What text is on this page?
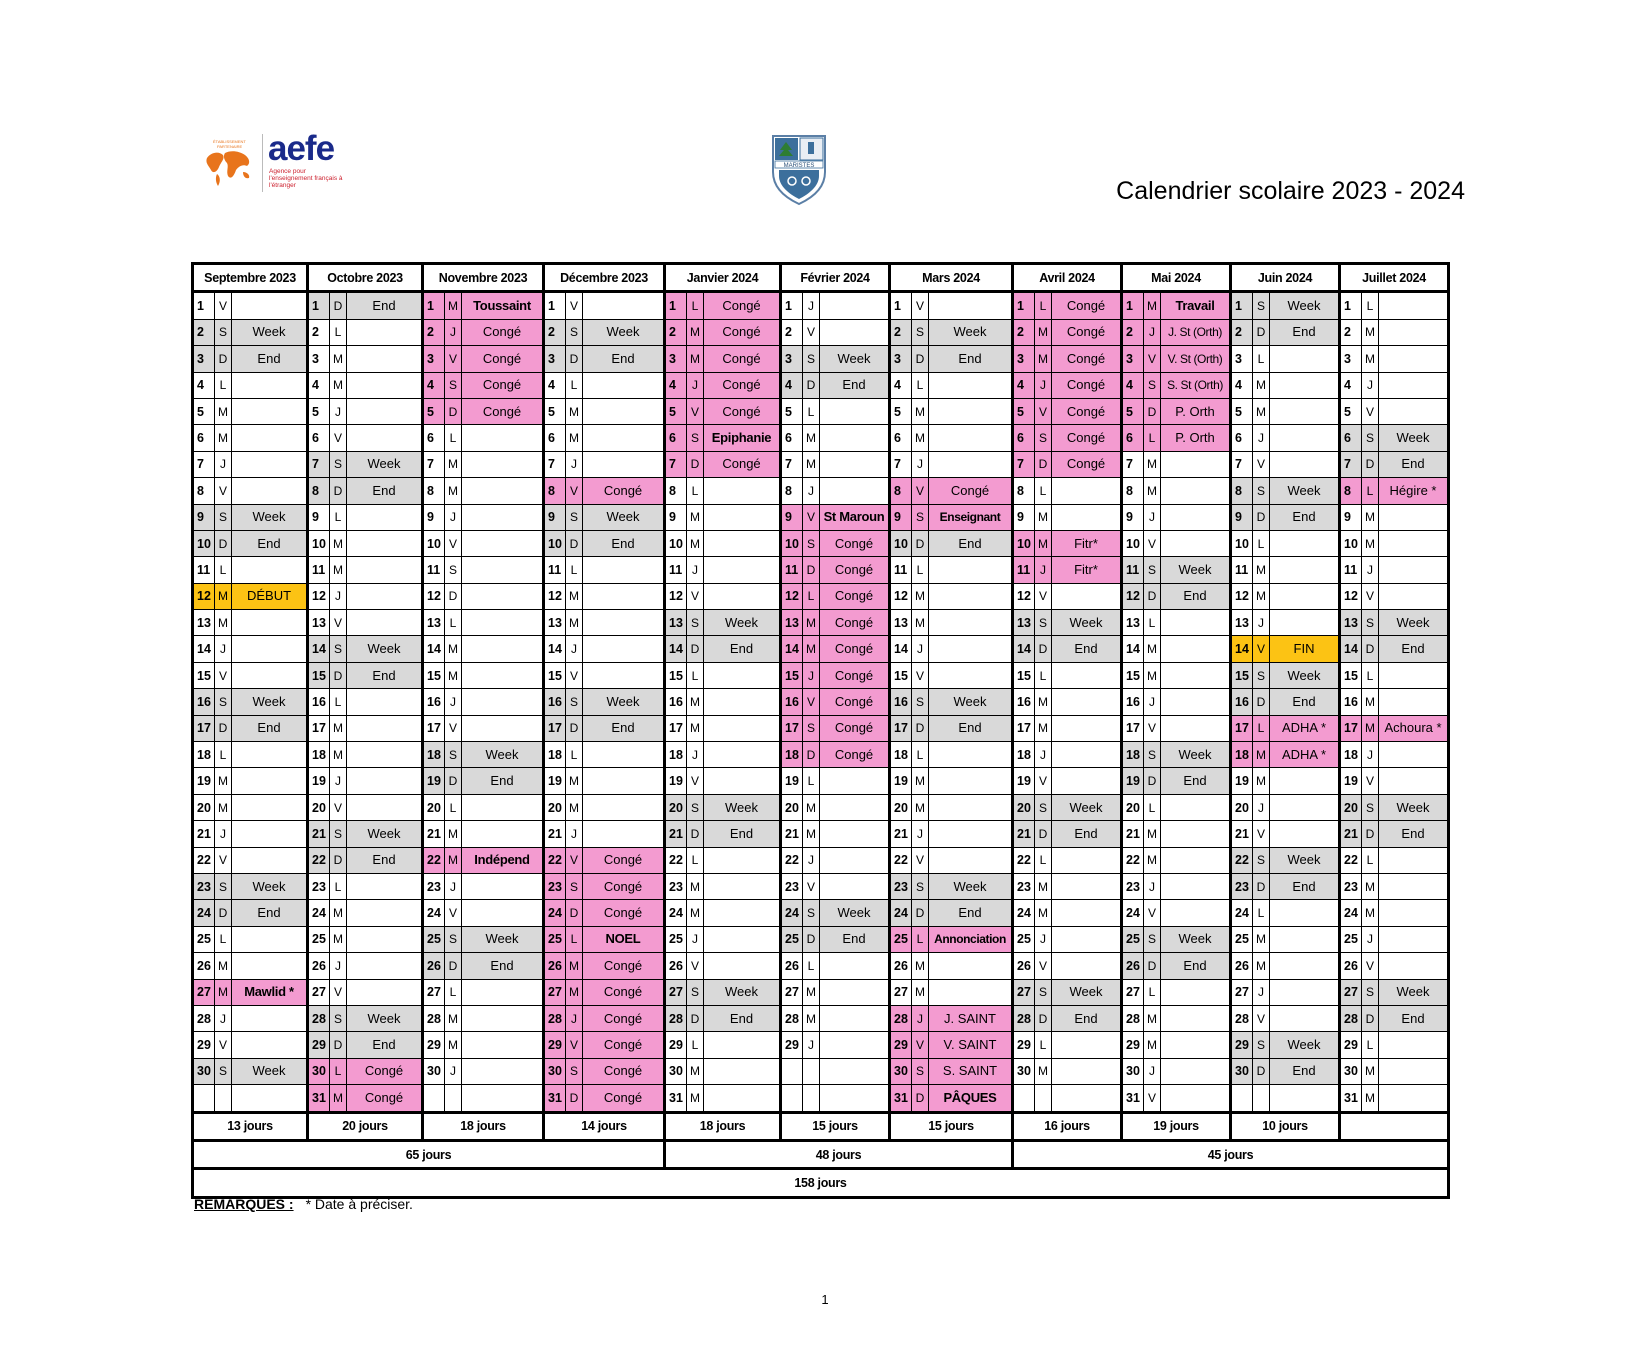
ÉTABLISSEMENT
PARTENAIRE aefe
Agence pour l'enseignement français à l'étranger
MARISTES
Calendrier scolaire 2023 - 2024
Septembre 2023			Octobre 2023			Novembre 2023			Décembre 2023			Janvier 2024			Février 2024			Mars 2024			Avril 2024			Mai 2024			Juin 2024			Juillet 2024		
1	V		1	D	End	1	M	Toussaint	1	V		1	L	Congé	1	J		1	V		1	L	Congé	1	M	Travail	1	S	Week	1	L	
2	S	Week	2	L		2	J	Congé	2	S	Week	2	M	Congé	2	V		2	S	Week	2	M	Congé	2	J	J. St (Orth)	2	D	End	2	M	
3	D	End	3	M		3	V	Congé	3	D	End	3	M	Congé	3	S	Week	3	D	End	3	M	Congé	3	V	V. St (Orth)	3	L		3	M	
4	L		4	M		4	S	Congé	4	L		4	J	Congé	4	D	End	4	L		4	J	Congé	4	S	S. St (Orth)	4	M		4	J	
5	M		5	J		5	D	Congé	5	M		5	V	Congé	5	L		5	M		5	V	Congé	5	D	P. Orth	5	M		5	V	
6	M		6	V		6	L		6	M		6	S	Epiphanie	6	M		6	M		6	S	Congé	6	L	P. Orth	6	J		6	S	Week
7	J		7	S	Week	7	M		7	J		7	D	Congé	7	M		7	J		7	D	Congé	7	M		7	V		7	D	End
8	V		8	D	End	8	M		8	V	Congé	8	L		8	J		8	V	Congé	8	L		8	M		8	S	Week	8	L	Hégire *
9	S	Week	9	L		9	J		9	S	Week	9	M		9	V	St Maroun	9	S	Enseignant	9	M		9	J		9	D	End	9	M	
10	D	End	10	M		10	V		10	D	End	10	M		10	S	Congé	10	D	End	10	M	Fitr*	10	V		10	L		10	M	
11	L		11	M		11	S		11	L		11	J		11	D	Congé	11	L		11	J	Fitr*	11	S	Week	11	M		11	J	
12	M	DÉBUT	12	J		12	D		12	M		12	V		12	L	Congé	12	M		12	V		12	D	End	12	M		12	V	
13	M		13	V		13	L		13	M		13	S	Week	13	M	Congé	13	M		13	S	Week	13	L		13	J		13	S	Week
14	J		14	S	Week	14	M		14	J		14	D	End	14	M	Congé	14	J		14	D	End	14	M		14	V	FIN	14	D	End
15	V		15	D	End	15	M		15	V		15	L		15	J	Congé	15	V		15	L		15	M		15	S	Week	15	L	
16	S	Week	16	L		16	J		16	S	Week	16	M		16	V	Congé	16	S	Week	16	M		16	J		16	D	End	16	M	
17	D	End	17	M		17	V		17	D	End	17	M		17	S	Congé	17	D	End	17	M		17	V		17	L	ADHA *	17	M	Achoura *
18	L		18	M		18	S	Week	18	L		18	J		18	D	Congé	18	L		18	J		18	S	Week	18	M	ADHA *	18	J	
19	M		19	J		19	D	End	19	M		19	V		19	L		19	M		19	V		19	D	End	19	M		19	V	
20	M		20	V		20	L		20	M		20	S	Week	20	M		20	M		20	S	Week	20	L		20	J		20	S	Week
21	J		21	S	Week	21	M		21	J		21	D	End	21	M		21	J		21	D	End	21	M		21	V		21	D	End
22	V		22	D	End	22	M	Indépend	22	V	Congé	22	L		22	J		22	V		22	L		22	M		22	S	Week	22	L	
23	S	Week	23	L		23	J		23	S	Congé	23	M		23	V		23	S	Week	23	M		23	J		23	D	End	23	M	
24	D	End	24	M		24	V		24	D	Congé	24	M		24	S	Week	24	D	End	24	M		24	V		24	L		24	M	
25	L		25	M		25	S	Week	25	L	NOEL	25	J		25	D	End	25	L	Annonciation	25	J		25	S	Week	25	M		25	J	
26	M		26	J		26	D	End	26	M	Congé	26	V		26	L		26	M		26	V		26	D	End	26	M		26	V	
27	M	Mawlid *	27	V		27	L		27	M	Congé	27	S	Week	27	M		27	M		27	S	Week	27	L		27	J		27	S	Week
28	J		28	S	Week	28	M		28	J	Congé	28	D	End	28	M		28	J	J. SAINT	28	D	End	28	M		28	V		28	D	End
29	V		29	D	End	29	M		29	V	Congé	29	L		29	J		29	V	V. SAINT	29	L		29	M		29	S	Week	29	L	
30	S	Week	30	L	Congé	30	J		30	S	Congé	30	M					30	S	S. SAINT	30	M		30	J		30	D	End	30	M	
			31	M	Congé				31	D	Congé	31	M					31	D	PÂQUES				31	V					31	M	
13 jours			20 jours			18 jours			14 jours			18 jours			15 jours			15 jours			16 jours			19 jours			10 jours					
65 jours												48 jours									45 jours											
158 jours																																
REMARQUES : * Date à préciser.
1
